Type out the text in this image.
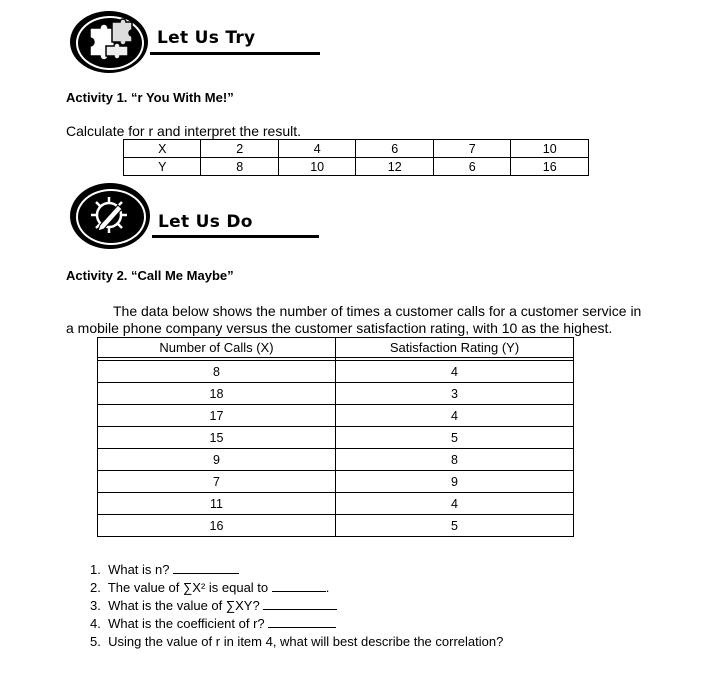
Let Us Try
Activity 1. “r You With Me!”
Calculate for r and interpret the result.
X	2	4	6	7	10
Y	8	10	12	6	16
Let Us Do
Activity 2. “Call Me Maybe”
The data below shows the number of times a customer calls for a customer service in
a mobile phone company versus the customer satisfaction rating, with 10 as the highest.
Number of Calls (X)	Satisfaction Rating (Y)

8	4
18	3
17	4
15	5
9	8
7	9
11	4
16	5
1. What is n?
2. The value of ∑X² is equal to	.
3. What is the value of ∑XY?
4. What is the coefficient of r?
5. Using the value of r in item 4, what will best describe the correlation?
